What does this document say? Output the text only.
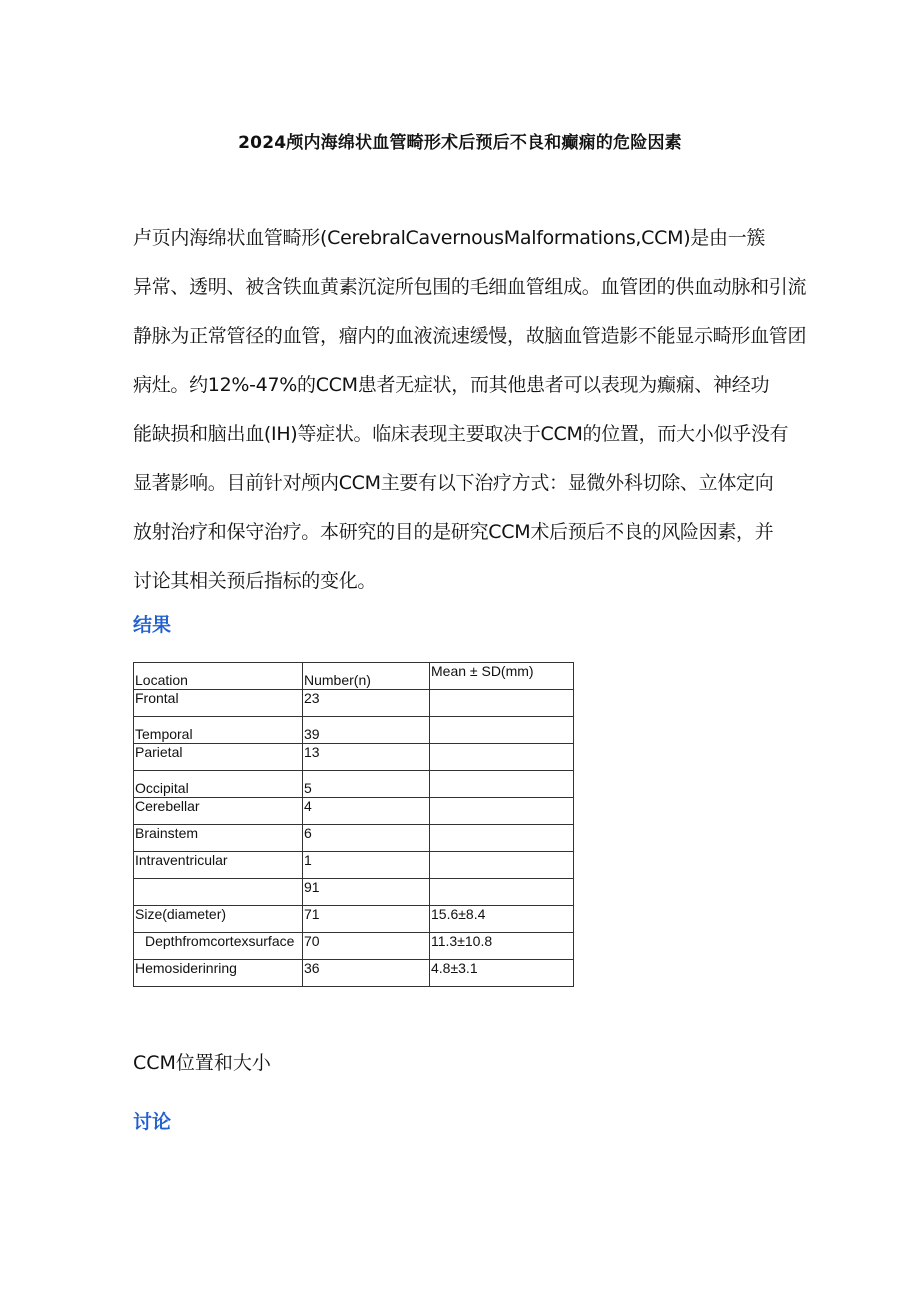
2024颅内海绵状血管畸形术后预后不良和癫痫的危险因素
卢页内海绵状血管畸形(CerebralCavernousMalformations,CCM)是由一簇
异常、透明、被含铁血黄素沉淀所包围的毛细血管组成。血管团的供血动脉和引流
静脉为正常管径的血管，瘤内的血液流速缓慢，故脑血管造影不能显示畸形血管团
病灶。约12%-47%的CCM患者无症状，而其他患者可以表现为癫痫、神经功
能缺损和脑出血(IH)等症状。临床表现主要取决于CCM的位置，而大小似乎没有
显著影响。目前针对颅内CCM主要有以下治疗方式：显微外科切除、立体定向
放射治疗和保守治疗。本研究的目的是研究CCM术后预后不良的风险因素，并
讨论其相关预后指标的变化。
结果
Location	Number(n)	Mean ± SD(mm)
Frontal	23	
Temporal	39	
Parietal	13	
Occipital	5	
Cerebellar	4	
Brainstem	6	
Intraventricular	1	
	91	
Size(diameter)	71	15.6±8.4
Depthfromcortexsurface	70	11.3±10.8
Hemosiderinring	36	4.8±3.1
CCM位置和大小
讨论
